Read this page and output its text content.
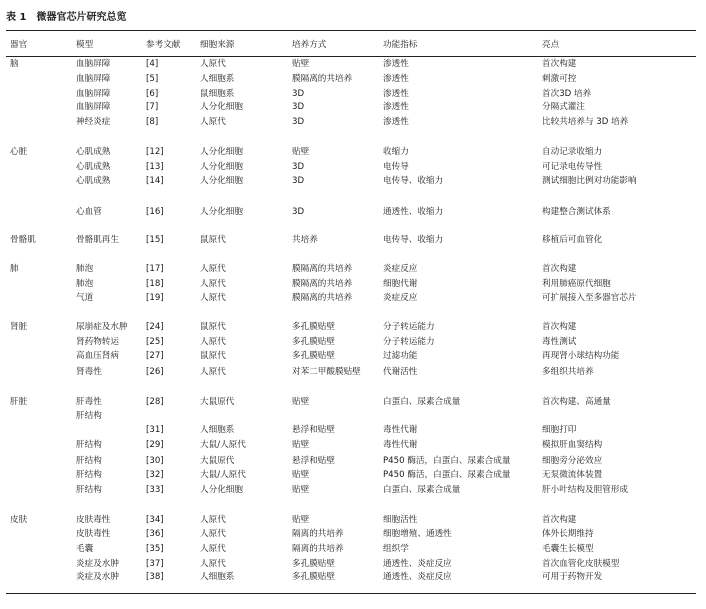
表 1 微器官芯片研究总览
器官	模型	参考文献 细胞来源	培养方式	功能指标	亮点
脑	血脑屏障	[4]	人原代	贴壁	渗透性	首次构建
血脑屏障	[5]	人细胞系	膜隔离的共培养	渗透性	刺激可控
血脑屏障	[6]	鼠细胞系	3D	渗透性	首次3D 培养
血脑屏障	[7]	人分化细胞	3D	渗透性	分隔式灌注
神经炎症	[8]	人原代	3D	渗透性	比较共培养与 3D 培养
心脏	心肌成熟	[12]	人分化细胞	贴壁	收缩力	自动记录收缩力
心肌成熟	[13]	人分化细胞	3D	电传导	可记录电传导性
心肌成熟	[14]	人分化细胞	3D	电传导、收缩力	测试细胞比例对功能影响
心血管	[16]	人分化细胞	3D	通透性、收缩力	构建整合测试体系
骨骼肌	骨骼肌再生	[15]	鼠原代	共培养	电传导、收缩力	移植后可血管化
肺	肺泡	[17]	人原代	膜隔离的共培养	炎症反应	首次构建
肺泡	[18]	人原代	膜隔离的共培养	细胞代谢	利用肺癌原代细胞
气道	[19]	人原代	膜隔离的共培养	炎症反应	可扩展接入至多器官芯片
肾脏	尿崩症及水肿 [24]	鼠原代	多孔膜贴壁	分子转运能力	首次构建
肾药物转运	[25]	人原代	多孔膜贴壁	分子转运能力	毒性测试
高血压肾病	[27]	鼠原代	多孔膜贴壁	过滤功能	再现肾小球结构功能
肾毒性	[26]	人原代	对苯二甲酸膜贴壁	代谢活性	多组织共培养
肝脏	肝毒性	[28]	大鼠原代	贴壁	白蛋白、尿素合成量	首次构建、高通量
肝结构
[31]	人细胞系	悬浮和贴壁	毒性代谢	细胞打印
肝结构	[29]	大鼠/人原代	贴壁	毒性代谢	模拟肝血窦结构
肝结构	[30]	大鼠原代	悬浮和贴壁	P450 酶活，白蛋白、尿素合成量	细胞旁分泌效应
肝结构	[32]	大鼠/人原代	贴壁	P450 酶活，白蛋白、尿素合成量	无泵微流体装置
肝结构	[33]	人分化细胞	贴壁	白蛋白、尿素合成量	肝小叶结构及胆管形成
皮肤	皮肤毒性	[34]	人原代	贴壁	细胞活性	首次构建
皮肤毒性	[36]	人原代	隔离的共培养	细胞增殖、通透性	体外长期维持
毛囊	[35]	人原代	隔离的共培养	组织学	毛囊生长模型
炎症及水肿	[37]	人原代	多孔膜贴壁	通透性、炎症反应	首次血管化皮肤模型
炎症及水肿	[38]	人细胞系	多孔膜贴壁	通透性、炎症反应	可用于药物开发
